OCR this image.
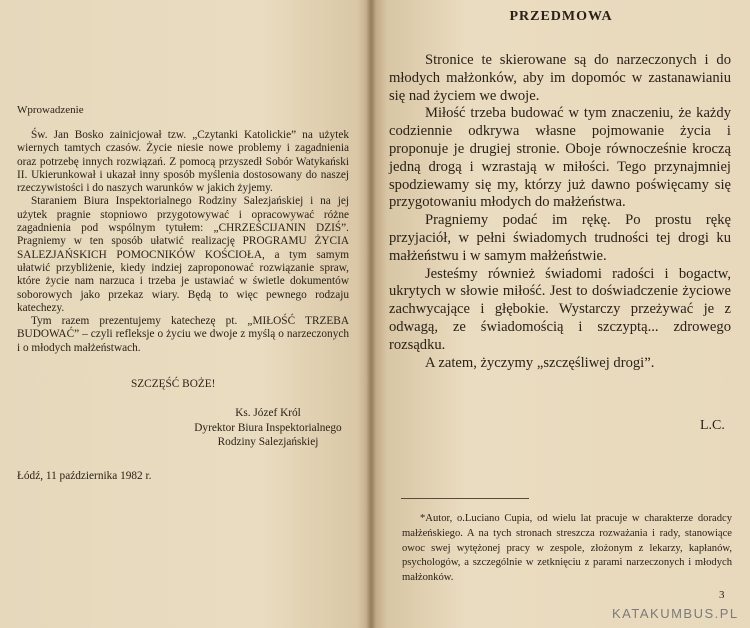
Wprowadzenie

Św. Jan Bosko zainicjował tzw. „Czytanki Katolickie” na użytek wiernych tamtych czasów. Życie niesie nowe problemy i zagadnienia oraz potrzebę innych rozwiązań. Z pomocą przyszedł Sobór Watykański II. Ukierunkował i ukazał inny sposób myślenia dostosowany do naszej rzeczywistości i do naszych warunków w jakich żyjemy.

Staraniem Biura Inspektorialnego Rodziny Salezjańskiej i na jej użytek pragnie stopniowo przygotowywać i opracowywać różne zagadnienia pod wspólnym tytułem: „CHRZEŚCIJANIN DZIŚ”. Pragniemy w ten sposób ułatwić realizację PROGRAMU ŻYCIA SALEZJAŃSKICH POMOCNIKÓW KOŚCIOŁA, a tym samym ułatwić przybliżenie, kiedy indziej zaproponować rozwiązanie spraw, które życie nam narzuca i trzeba je ustawiać w świetle dokumentów soborowych jako przekaz wiary. Będą to więc pewnego rodzaju katechezy.

Tym razem prezentujemy katechezę pt. „MIŁOŚĆ TRZEBA BUDOWAĆ” – czyli refleksje o życiu we dwoje z myślą o narzeczonych i o młodych małżeństwach.

SZCZĘŚĆ BOŻE!
Ks. Józef Król
Dyrektor Biura Inspektorialnego
Rodziny Salezjańskiej
Łódź, 11 października 1982 r.
PRZEDMOWA

Stronice te skierowane są do narzeczonych i do młodych małżonków, aby im dopomóc w zastanawianiu się nad życiem we dwoje.

Miłość trzeba budować w tym znaczeniu, że każdy codziennie odkrywa własne pojmowanie życia i proponuje je drugiej stronie. Oboje równocześnie kroczą jedną drogą i wzrastają w miłości. Tego przynajmniej spodziewamy się my, którzy już dawno poświęcamy się przygotowaniu młodych do małżeństwa.

Pragniemy podać im rękę. Po prostu rękę przyjaciół, w pełni świadomych trudności tej drogi ku małżeństwu i w samym małżeństwie.

Jesteśmy również świadomi radości i bogactw, ukrytych w słowie miłość. Jest to doświadczenie życiowe zachwycające i głębokie. Wystarczy przeżywać je z odwagą, ze świadomością i szczyptą... zdrowego rozsądku.

A zatem, życzymy „szczęśliwej drogi”.

L.C.

*Autor, o.Luciano Cupia, od wielu lat pracuje w charakterze doradcy małżeńskiego. A na tych stronach streszcza rozważania i rady, stanowiące owoc swej wytężonej pracy w zespole, złożonym z lekarzy, kapłanów, psychologów, a szczególnie w zetknięciu z parami narzeczonych i młodych małżonków.

3
KATAKUMBUS.PL
